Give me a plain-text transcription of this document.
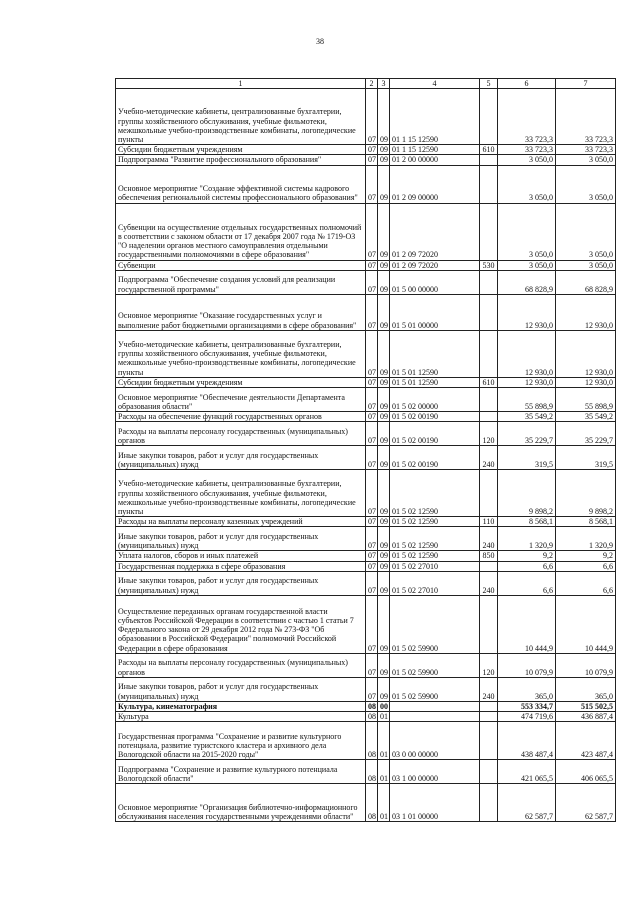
38
1	2	3	4	5	6	7
Учебно-методические кабинеты, централизованные бухгалтерии, группы хозяйственного обслуживания, учебные фильмотеки, межшкольные учебно-производственные комбинаты, логопедические пункты	07	09	01 1 15 12590		33 723,3	33 723,3
Субсидии бюджетным учреждениям	07	09	01 1 15 12590	610	33 723,3	33 723,3
Подпрограмма "Развитие профессионального образования"	07	09	01 2 00 00000		3 050,0	3 050,0
Основное мероприятие "Создание эффективной системы кадрового обеспечения региональной системы профессионального образования"	07	09	01 2 09 00000		3 050,0	3 050,0
Субвенции на осуществление отдельных государственных полномочий в соответствии с законом области от 17 декабря 2007 года № 1719-ОЗ "О наделении органов местного самоуправления отдельными государственными полномочиями в сфере образования"	07	09	01 2 09 72020		3 050,0	3 050,0
Субвенции	07	09	01 2 09 72020	530	3 050,0	3 050,0
Подпрограмма "Обеспечение создания условий для реализации государственной программы"	07	09	01 5 00 00000		68 828,9	68 828,9
Основное мероприятие "Оказание государственных услуг и выполнение работ бюджетными организациями в сфере образования"	07	09	01 5 01 00000		12 930,0	12 930,0
Учебно-методические кабинеты, централизованные бухгалтерии, группы хозяйственного обслуживания, учебные фильмотеки, межшкольные учебно-производственные комбинаты, логопедические пункты	07	09	01 5 01 12590		12 930,0	12 930,0
Субсидии бюджетным учреждениям	07	09	01 5 01 12590	610	12 930,0	12 930,0
Основное мероприятие "Обеспечение деятельности Департамента образования области"	07	09	01 5 02 00000		55 898,9	55 898,9
Расходы на обеспечение функций государственных органов	07	09	01 5 02 00190		35 549,2	35 549,2
Расходы на выплаты персоналу государственных (муниципальных) органов	07	09	01 5 02 00190	120	35 229,7	35 229,7
Иные закупки товаров, работ и услуг для государственных (муниципальных) нужд	07	09	01 5 02 00190	240	319,5	319,5
Учебно-методические кабинеты, централизованные бухгалтерии, группы хозяйственного обслуживания, учебные фильмотеки, межшкольные учебно-производственные комбинаты, логопедические пункты	07	09	01 5 02 12590		9 898,2	9 898,2
Расходы на выплаты персоналу казенных учреждений	07	09	01 5 02 12590	110	8 568,1	8 568,1
Иные закупки товаров, работ и услуг для государственных (муниципальных) нужд	07	09	01 5 02 12590	240	1 320,9	1 320,9
Уплата налогов, сборов и иных платежей	07	09	01 5 02 12590	850	9,2	9,2
Государственная поддержка в сфере образования	07	09	01 5 02 27010		6,6	6,6
Иные закупки товаров, работ и услуг для государственных (муниципальных) нужд	07	09	01 5 02 27010	240	6,6	6,6
Осуществление переданных органам государственной власти субъектов Российской Федерации в соответствии с частью 1 статьи 7 Федерального закона от 29 декабря 2012 года № 273-ФЗ "Об образовании в Российской Федерации" полномочий Российской Федерации в сфере образования	07	09	01 5 02 59900		10 444,9	10 444,9
Расходы на выплаты персоналу государственных (муниципальных) органов	07	09	01 5 02 59900	120	10 079,9	10 079,9
Иные закупки товаров, работ и услуг для государственных (муниципальных) нужд	07	09	01 5 02 59900	240	365,0	365,0
Культура, кинематография	08	00			553 334,7	515 502,5
Культура	08	01			474 719,6	436 887,4
Государственная программа "Сохранение и развитие культурного потенциала, развитие туристского кластера и архивного дела Вологодской области на 2015-2020 годы"	08	01	03 0 00 00000		438 487,4	423 487,4
Подпрограмма "Сохранение и развитие культурного потенциала Вологодской области"	08	01	03 1 00 00000		421 065,5	406 065,5
Основное мероприятие "Организация библиотечно-информационного обслуживания населения государственными учреждениями области"	08	01	03 1 01 00000		62 587,7	62 587,7
